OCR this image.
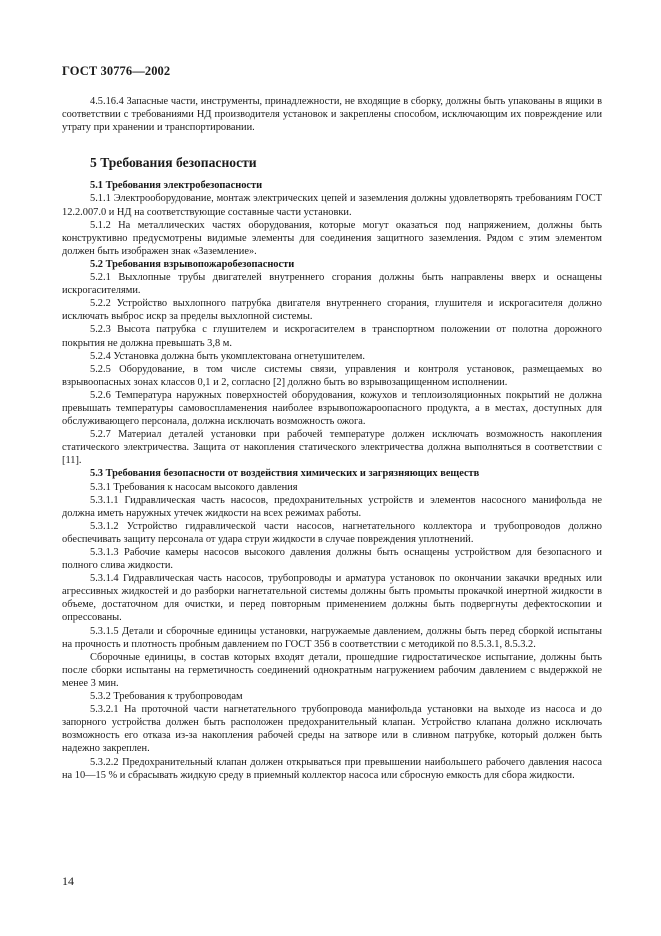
ГОСТ 30776—2002

4.5.16.4 Запасные части, инструменты, принадлежности, не входящие в сборку, должны быть упакованы в ящики в соответствии с требованиями НД производителя установок и закреплены способом, исключающим их повреждение или утрату при хранении и транспортировании.

5 Требования безопасности

5.1 Требования электробезопасности

5.1.1 Электрооборудование, монтаж электрических цепей и заземления должны удовлетворять требованиям ГОСТ 12.2.007.0 и НД на соответствующие составные части установки.

5.1.2 На металлических частях оборудования, которые могут оказаться под напряжением, должны быть конструктивно предусмотрены видимые элементы для соединения защитного заземления. Рядом с этим элементом должен быть изображен знак «Заземление».

5.2 Требования взрывопожаробезопасности

5.2.1 Выхлопные трубы двигателей внутреннего сгорания должны быть направлены вверх и оснащены искрогасителями.

5.2.2 Устройство выхлопного патрубка двигателя внутреннего сгорания, глушителя и искрогасителя должно исключать выброс искр за пределы выхлопной системы.

5.2.3 Высота патрубка с глушителем и искрогасителем в транспортном положении от полотна дорожного покрытия не должна превышать 3,8 м.

5.2.4 Установка должна быть укомплектована огнетушителем.

5.2.5 Оборудование, в том числе системы связи, управления и контроля установок, размещаемых во взрывоопасных зонах классов 0,1 и 2, согласно [2] должно быть во взрывозащищенном исполнении.

5.2.6 Температура наружных поверхностей оборудования, кожухов и теплоизоляционных покрытий не должна превышать температуры самовоспламенения наиболее взрывопожароопасного продукта, а в местах, доступных для обслуживающего персонала, должна исключать возможность ожога.

5.2.7 Материал деталей установки при рабочей температуре должен исключать возможность накопления статического электричества. Защита от накопления статического электричества должна выполняться в соответствии с [11].

5.3 Требования безопасности от воздействия химических и загрязняющих веществ

5.3.1 Требования к насосам высокого давления

5.3.1.1 Гидравлическая часть насосов, предохранительных устройств и элементов насосного манифольда не должна иметь наружных утечек жидкости на всех режимах работы.

5.3.1.2 Устройство гидравлической части насосов, нагнетательного коллектора и трубопроводов должно обеспечивать защиту персонала от удара струи жидкости в случае повреждения уплотнений.

5.3.1.3 Рабочие камеры насосов высокого давления должны быть оснащены устройством для безопасного и полного слива жидкости.

5.3.1.4 Гидравлическая часть насосов, трубопроводы и арматура установок по окончании закачки вредных или агрессивных жидкостей и до разборки нагнетательной системы должны быть промыты прокачкой инертной жидкости в объеме, достаточном для очистки, и перед повторным применением должны быть подвергнуты дефектоскопии и опрессованы.

5.3.1.5 Детали и сборочные единицы установки, нагружаемые давлением, должны быть перед сборкой испытаны на прочность и плотность пробным давлением по ГОСТ 356 в соответствии с методикой по 8.5.3.1, 8.5.3.2.

Сборочные единицы, в состав которых входят детали, прошедшие гидростатическое испытание, должны быть после сборки испытаны на герметичность соединений однократным нагружением рабочим давлением с выдержкой не менее 3 мин.

5.3.2 Требования к трубопроводам

5.3.2.1 На проточной части нагнетательного трубопровода манифольда установки на выходе из насоса и до запорного устройства должен быть расположен предохранительный клапан. Устройство клапана должно исключать возможность его отказа из-за накопления рабочей среды на затворе или в сливном патрубке, который должен быть надежно закреплен.

5.3.2.2 Предохранительный клапан должен открываться при превышении наибольшего рабочего давления насоса на 10—15 % и сбрасывать жидкую среду в приемный коллектор насоса или сбросную емкость для сбора жидкости.

14
